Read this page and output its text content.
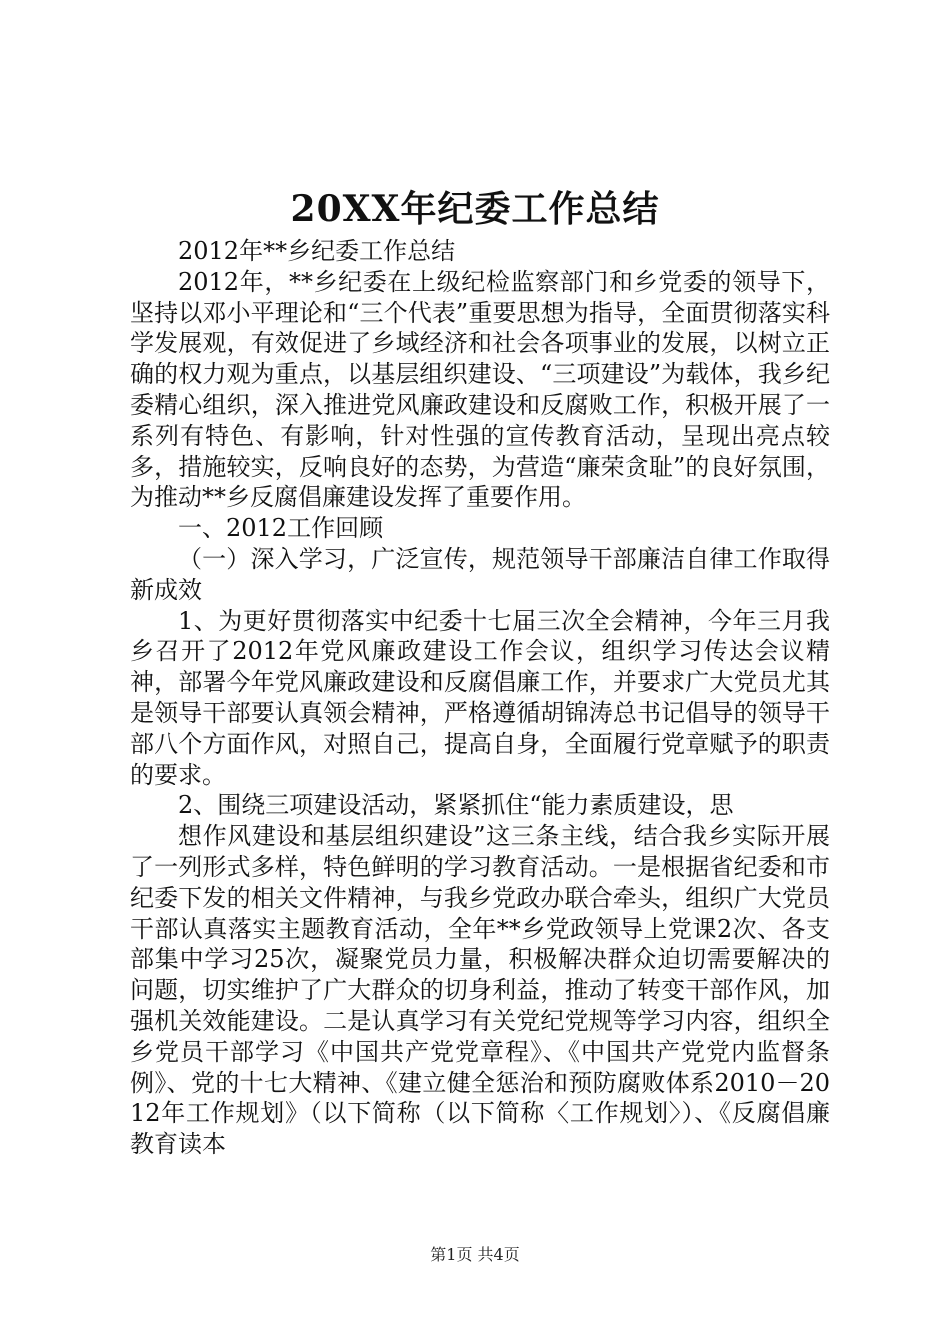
20XX年纪委工作总结

2012年**乡纪委工作总结

2012年，**乡纪委在上级纪检监察部门和乡党委的领导下，坚持以邓小平理论和“三个代表”重要思想为指导，全面贯彻落实科学发展观，有效促进了乡域经济和社会各项事业的发展，以树立正确的权力观为重点，以基层组织建设、“三项建设”为载体，我乡纪委精心组织，深入推进党风廉政建设和反腐败工作，积极开展了一系列有特色、有影响，针对性强的宣传教育活动，呈现出亮点较多，措施较实，反响良好的态势，为营造“廉荣贪耻”的良好氛围，为推动**乡反腐倡廉建设发挥了重要作用。

一、2012工作回顾

（一）深入学习，广泛宣传，规范领导干部廉洁自律工作取得新成效

1、为更好贯彻落实中纪委十七届三次全会精神，今年三月我乡召开了2012年党风廉政建设工作会议，组织学习传达会议精神，部署今年党风廉政建设和反腐倡廉工作，并要求广大党员尤其是领导干部要认真领会精神，严格遵循胡锦涛总书记倡导的领导干部八个方面作风，对照自己，提高自身，全面履行党章赋予的职责的要求。

2、围绕三项建设活动，紧紧抓住“能力素质建设，思

想作风建设和基层组织建设”这三条主线，结合我乡实际开展了一列形式多样，特色鲜明的学习教育活动。一是根据省纪委和市纪委下发的相关文件精神，与我乡党政办联合牵头，组织广大党员干部认真落实主题教育活动，全年**乡党政领导上党课2次、各支部集中学习25次，凝聚党员力量，积极解决群众迫切需要解决的问题，切实维护了广大群众的切身利益，推动了转变干部作风，加强机关效能建设。二是认真学习有关党纪党规等学习内容，组织全乡党员干部学习《中国共产党党章程》、《中国共产党党内监督条例》、党的十七大精神、《建立健全惩治和预防腐败体系2010－2012年工作规划》（以下简称（以下简称〈工作规划〉）、《反腐倡廉教育读本

第1页 共4页
